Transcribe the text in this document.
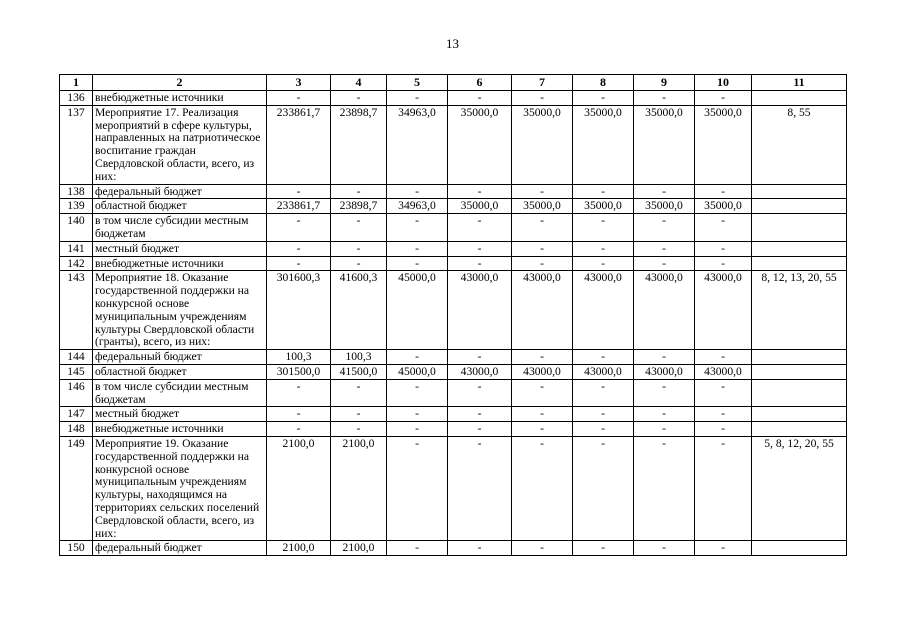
13
1	2	3	4	5	6	7	8	9	10	11
136	внебюджетные источники	-	-	-	-	-	-	-	-	
137	Мероприятие 17. Реализация мероприятий в сфере культуры, направленных на патриотическое воспитание граждан Свердловской области, всего, из них:	233861,7	23898,7	34963,0	35000,0	35000,0	35000,0	35000,0	35000,0	8, 55
138	федеральный бюджет	-	-	-	-	-	-	-	-	
139	областной бюджет	233861,7	23898,7	34963,0	35000,0	35000,0	35000,0	35000,0	35000,0	
140	в том числе субсидии местным бюджетам	-	-	-	-	-	-	-	-	
141	местный бюджет	-	-	-	-	-	-	-	-	
142	внебюджетные источники	-	-	-	-	-	-	-	-	
143	Мероприятие 18. Оказание государственной поддержки на конкурсной основе муниципальным учреждениям культуры Свердловской области (гранты), всего, из них:	301600,3	41600,3	45000,0	43000,0	43000,0	43000,0	43000,0	43000,0	8, 12, 13, 20, 55
144	федеральный бюджет	100,3	100,3	-	-	-	-	-	-	
145	областной бюджет	301500,0	41500,0	45000,0	43000,0	43000,0	43000,0	43000,0	43000,0	
146	в том числе субсидии местным бюджетам	-	-	-	-	-	-	-	-	
147	местный бюджет	-	-	-	-	-	-	-	-	
148	внебюджетные источники	-	-	-	-	-	-	-	-	
149	Мероприятие 19. Оказание государственной поддержки на конкурсной основе муниципальным учреждениям культуры, находящимся на территориях сельских поселений Свердловской области, всего, из них:	2100,0	2100,0	-	-	-	-	-	-	5, 8, 12, 20, 55
150	федеральный бюджет	2100,0	2100,0	-	-	-	-	-	-	
